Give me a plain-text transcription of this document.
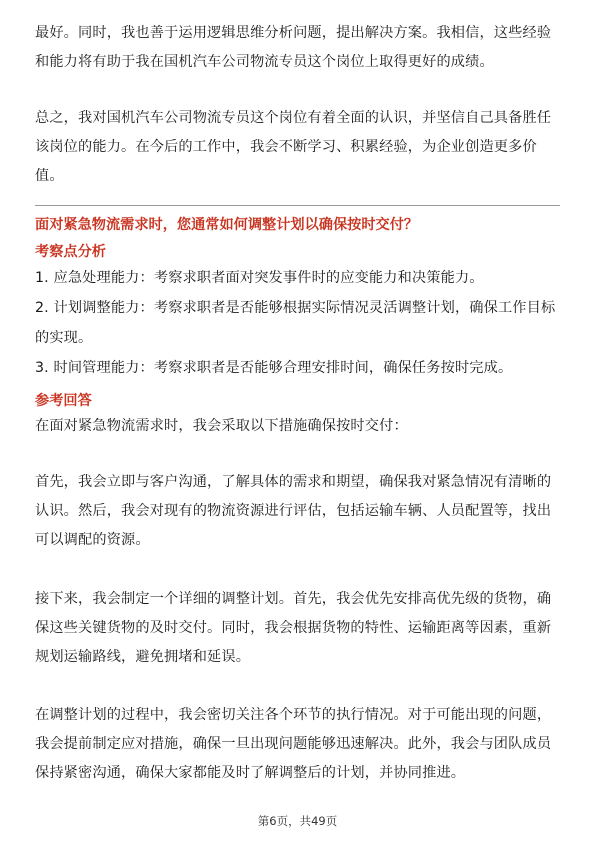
最好。同时，我也善于运用逻辑思维分析问题，提出解决方案。我相信，这些经验
和能力将有助于我在国机汽车公司物流专员这个岗位上取得更好的成绩。
总之，我对国机汽车公司物流专员这个岗位有着全面的认识，并坚信自己具备胜任
该岗位的能力。在今后的工作中，我会不断学习、积累经验，为企业创造更多价
值。

面对紧急物流需求时，您通常如何调整计划以确保按时交付？

考察点分析

1. 应急处理能力：考察求职者面对突发事件时的应变能力和决策能力。
2. 计划调整能力：考察求职者是否能够根据实际情况灵活调整计划，确保工作目标
的实现。
3. 时间管理能力：考察求职者是否能够合理安排时间，确保任务按时完成。

参考回答

在面对紧急物流需求时，我会采取以下措施确保按时交付：
首先，我会立即与客户沟通，了解具体的需求和期望，确保我对紧急情况有清晰的
认识。然后，我会对现有的物流资源进行评估，包括运输车辆、人员配置等，找出
可以调配的资源。
接下来，我会制定一个详细的调整计划。首先，我会优先安排高优先级的货物，确
保这些关键货物的及时交付。同时，我会根据货物的特性、运输距离等因素，重新
规划运输路线，避免拥堵和延误。
在调整计划的过程中，我会密切关注各个环节的执行情况。对于可能出现的问题，
我会提前制定应对措施，确保一旦出现问题能够迅速解决。此外，我会与团队成员
保持紧密沟通，确保大家都能及时了解调整后的计划，并协同推进。
第6页，共49页
